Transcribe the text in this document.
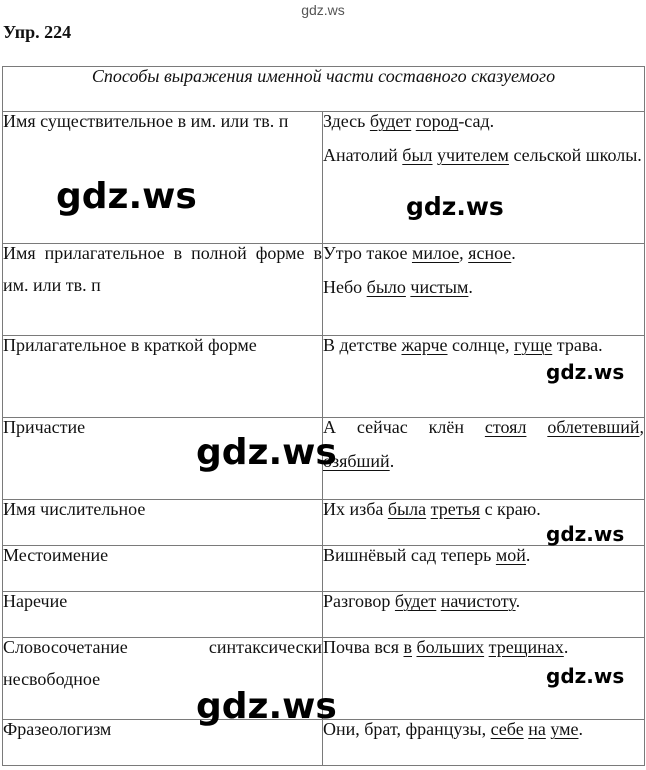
gdz.ws
Упр. 224
Способы выражения именной части составного сказуемого	

Имя существительное в им. или тв. п	Здесь будет город-сад.
Анатолий был учителем сельской школы.

Имя прилагательное в полной форме в им. или тв. п	Утро такое милое, ясное.
Небо было чистым.

Прилагательное в краткой форме	В детстве жарче солнце, гуще трава.

Причастие	А сейчас клён стоял облетевший, озябший.

Имя числительное	Их изба была третья с краю.

Местоимение	Вишнёвый сад теперь мой.

Наречие	Разговор будет начистоту.

Словосочетание синтаксически несвободное	Почва вся в больших трещинах.

Фразеологизм	Они, брат, французы, себе на уме.
gdz.ws	gdz.ws
gdz.ws
gdz.ws
gdz.ws
gdz.ws
gdz.ws
